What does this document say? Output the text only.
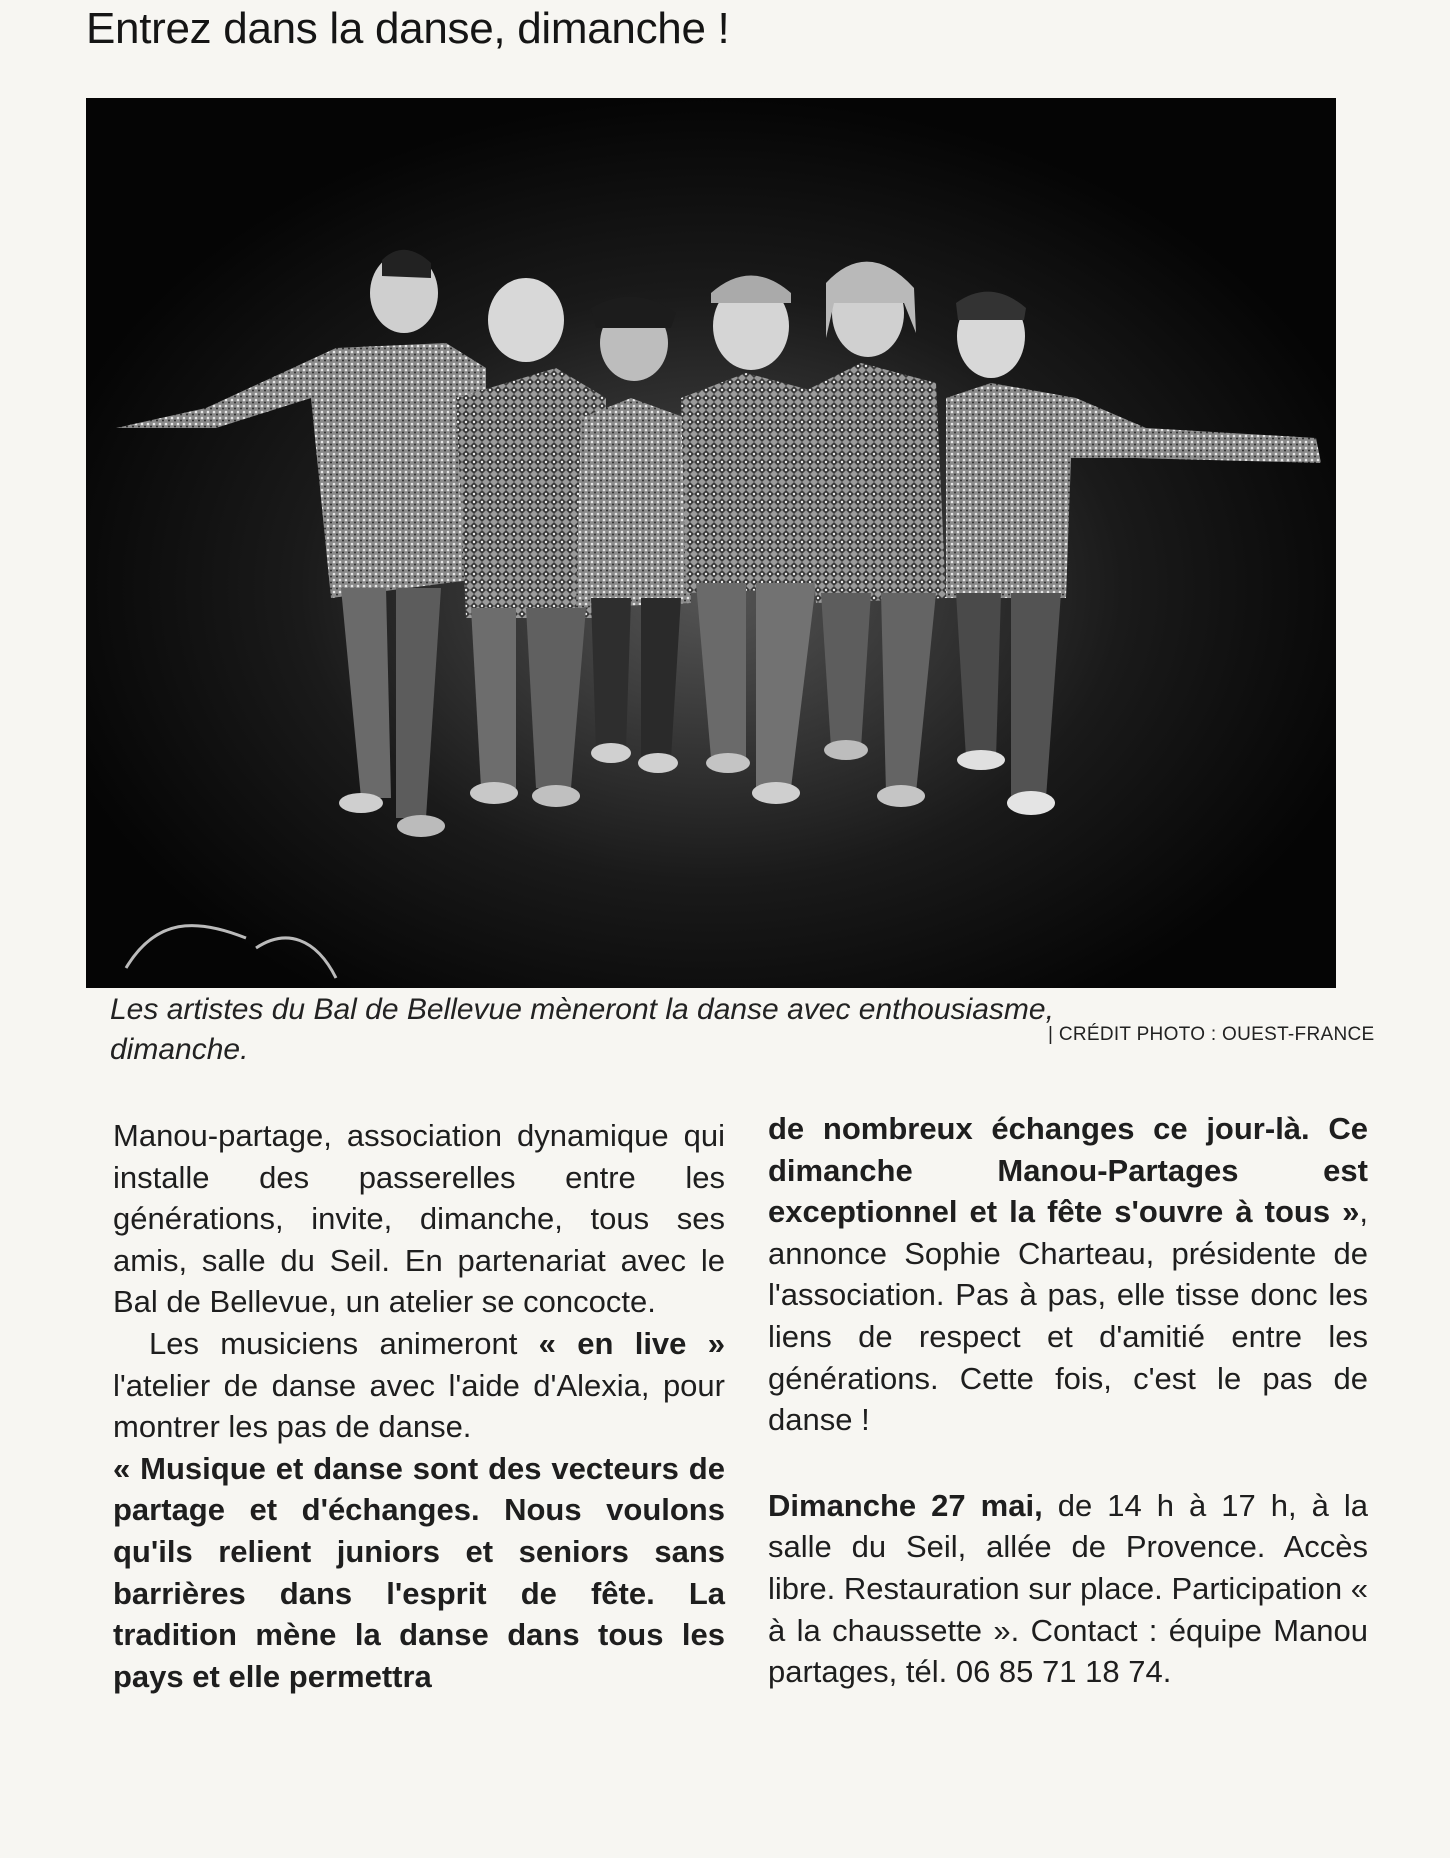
Entrez dans la danse, dimanche !

Les artistes du Bal de Bellevue mèneront la danse avec enthousiasme, dimanche.	| CRÉDIT PHOTO : OUEST-FRANCE

Manou-partage, association dynamique qui installe des passerelles entre les générations, invite, dimanche, tous ses amis, salle du Seil. En partenariat avec le Bal de Bellevue, un atelier se concocte.

Les musiciens animeront « en live » l'atelier de danse avec l'aide d'Alexia, pour montrer les pas de danse.

« Musique et danse sont des vecteurs de partage et d'échanges. Nous voulons qu'ils relient juniors et seniors sans barrières dans l'esprit de fête. La tradition mène la danse dans tous les pays et elle permettra

de nombreux échanges ce jour-là. Ce dimanche Manou-Partages est exceptionnel et la fête s'ouvre à tous », annonce Sophie Charteau, présidente de l'association. Pas à pas, elle tisse donc les liens de respect et d'amitié entre les générations. Cette fois, c'est le pas de danse !

Dimanche 27 mai, de 14 h à 17 h, à la salle du Seil, allée de Provence. Accès libre. Restauration sur place. Participation « à la chaussette ». Contact : équipe Manou partages, tél. 06 85 71 18 74.
